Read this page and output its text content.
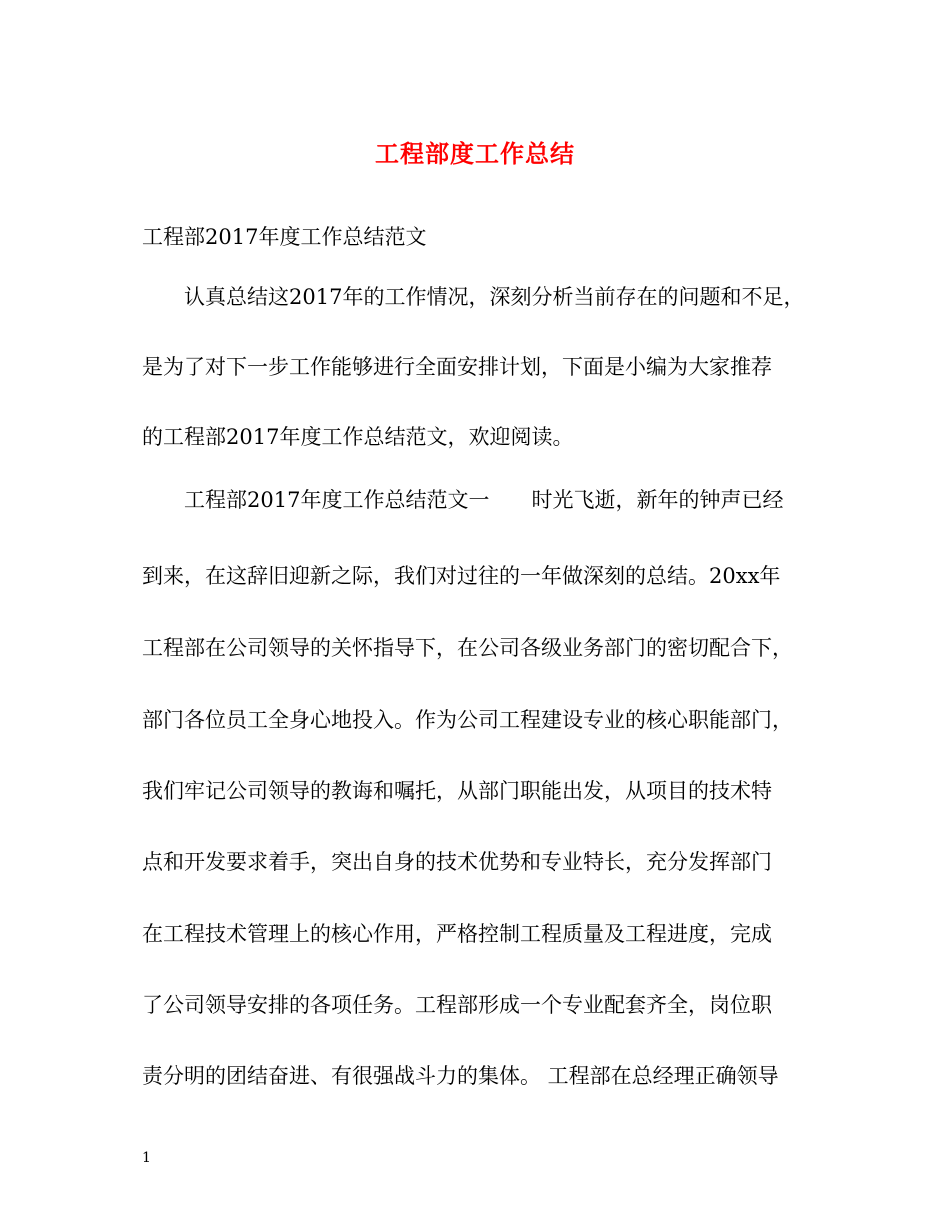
工程部度工作总结
工程部2017年度工作总结范文
认真总结这2017年的工作情况，深刻分析当前存在的问题和不足，
是为了对下一步工作能够进行全面安排计划，下面是小编为大家推荐
的工程部2017年度工作总结范文，欢迎阅读。
工程部2017年度工作总结范文一　　时光飞逝，新年的钟声已经
到来，在这辞旧迎新之际，我们对过往的一年做深刻的总结。20xx年
工程部在公司领导的关怀指导下，在公司各级业务部门的密切配合下，
部门各位员工全身心地投入。作为公司工程建设专业的核心职能部门，
我们牢记公司领导的教诲和嘱托，从部门职能出发，从项目的技术特
点和开发要求着手，突出自身的技术优势和专业特长，充分发挥部门
在工程技术管理上的核心作用，严格控制工程质量及工程进度，完成
了公司领导安排的各项任务。工程部形成一个专业配套齐全，岗位职
责分明的团结奋进、有很强战斗力的集体。 工程部在总经理正确领导
1
